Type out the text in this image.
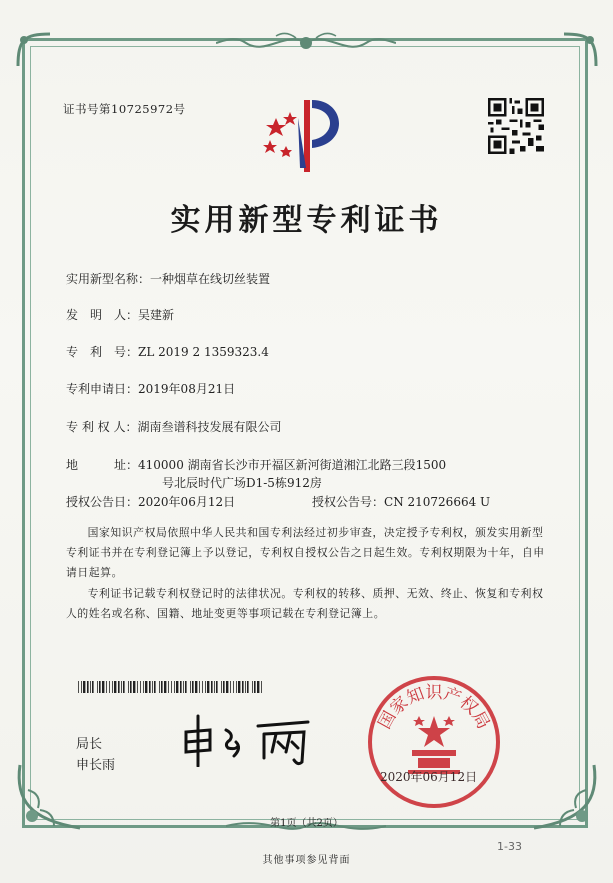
证书号第10725972号
实用新型专利证书
实用新型名称：一种烟草在线切丝装置
发　明　人：吴建新
专　利　号：ZL 2019 2 1359323.4
专利申请日：2019年08月21日
专 利 权 人：湖南叁谱科技发展有限公司
地　　　址：410000 湖南省长沙市开福区新河街道湘江北路三段1500
号北辰时代广场D1-5栋912房
授权公告日：2020年06月12日	授权公告号：CN 210726664 U
国家知识产权局依照中华人民共和国专利法经过初步审查，决定授予专利权，颁发实用新型专利证书并在专利登记簿上予以登记，专利权自授权公告之日起生效。专利权期限为十年，自申请日起算。
专利证书记载专利权登记时的法律状况。专利权的转移、质押、无效、终止、恢复和专利权人的姓名或名称、国籍、地址变更等事项记载在专利登记簿上。
局长
申长雨
国家知识产权局
2020年06月12日
第1页（共2页）
其他事项参见背面
1-33
